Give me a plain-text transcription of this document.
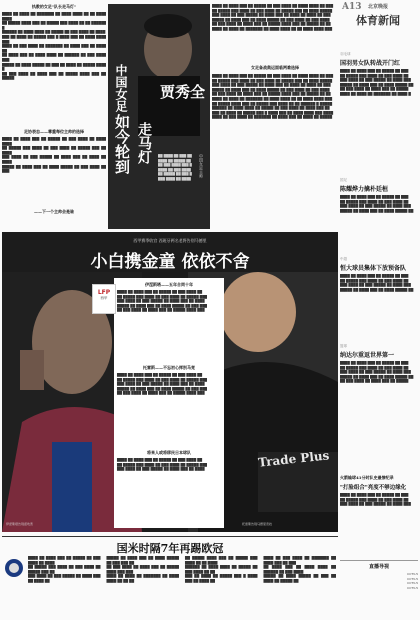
A13 北京晚报
体育新闻
执教的女足"队长走马灯"
████ ██ ████ ██ ███████ ██ ████ ████ ██ ██ ████ ████
██ █████ ████ ███ ██ █████ ███ ████ ██ ██ ██████ █
██████ ██ ████ ████ ██ █████ ██ ███ ████ ██ ████
███ ██ ████ ██ █████ ███ █ ████ ███ ██ ████ ████ ███
████ ██ ███ ████ ██ ███████ ██ ████ ███ ██ ████ ██
██ ████ ███ ██ ████ ████ ██ ██████ ██ ███ ████ ███
█████ ██ ████ █████ ██ ███ ██ ████ ██ █████ ████ █
██ ███ ████ ██ ████ ███ ██ █████ ████ ███ ██ █████
足协表态——尊重每位主帅的选择
████ ██ ████ ███ ██ █████ ██ ███ ████ ██ ████ ████
██ █████ ███ ████ ██ ███ ████ ██ █████ ███ ██ ████
███ ████ ██ ███ █████ ██ ████ ███ ██ ████ ██ ████
█████ ██ ████ ███ ██ ████ █████ ██ ███ ████ ██ ███
——下一个主帅会是谁
贾秀全
如今轮到 走马灯
中国女足
中国女足主帅
██ ████ ██ ███ ██
████ ██ █████ ██
██ ███ ████ ███ █
████ ██ ███ ████
██ █████ ██ ███ █
███ ████ ██ ████
████ ██ ████ ███ ██ █████ ██ ███ ████ ██ ████ ████ ██ ███
██ █████ ███ ████ ██ ███ ████ ██ █████ ███ ██ ████ █████
███ ████ ██ ███ █████ ██ ████ ███ ██ ████ ██ ████ ██ ███
█████ ██ ████ ███ ██ ████ █████ ██ ███ ████ ██ ███ ████
██ ███ ████ ██ ████ ███ ██ █████ ████ ███ ██ █████ ██ ██
████ ██ ████ ██ ███████ ██ ████ ████ ██ ██ ████ ████ ███
女足备战奥运面临两难选择
████ ██ ████ ███ ██ █████ ██ ███ ████ ██ ████ ████ ██ ███
██ █████ ███ ████ ██ ███ ████ ██ █████ ███ ██ ████ █████
███ ████ ██ ███ █████ ██ ████ ███ ██ ████ ██ ████ ██ ███
█████ ██ ████ ███ ██ ████ █████ ██ ███ ████ ██ ███ ████
██ ███ ████ ██ ████ ███ ██ █████ ████ ███ ██ █████ ██ ██
████ ██ ████ ██ ███████ ██ ████ ████ ██ ██ ████ ████ ███
██ █████ ████ ███ ██ █████ ███ ████ ██ ██ ██████ █ █████
██████ ██ ████ ████ ██ █████ ██ ███ ████ ██ ████ ███ ██
███ ██ ████ ██ █████ ███ █ ████ ███ ██ ████ ████ ███ ████
████ ██ ███ ████ ██ ███████ ██ ████ ███ ██ ████ ██ █████
羽毛球
国羽男女队转战开门红
████ ██ ████ ███ ██ █████ ██ ███
██ █████ ███ ████ ██ ███ ████ ██
███ ████ ██ ███ █████ ██ ████ ███
█████ ██ ████ ███ ██ ████ █████ ██
██ ███ ████ ██ ████ ███ ██ █████
████ ██ ████ ██ ███████ ██ ████ █
国足
陈耀烨力擒朴廷桓
████ ██ ████ ███ ██ █████ ██ ███
██ █████ ███ ████ ██ ███ ████ ██
███ ████ ██ ███ █████ ██ ████ ███
█████ ██ ████ ███ ██ ████ █████ ██
中超
恒大球员集体下放预备队
████ ██ ████ ███ ██ █████ ██ ███
██ █████ ███ ████ ██ ███ ████ ██
███ ████ ██ ███ █████ ██ ████ ███
█████ ██ ████ ███ ██ ████ █████ ██
篮球
纳达尔重返世界第一
████ ██ ████ ███ ██ █████ ██ ███
██ █████ ███ ████ ██ ███ ████ ██
███ ████ ██ ███ █████ ██ ████ ███
█████ ██ ████ ███ ██ ████ █████ ██
██ ███ ████ ██ ████ ███ ██ █████
火箭输球41分时队史最惨纪录
"打脸组合"亮度不够边缘化
████ ██ ████ ███ ██ █████ ██ ███
██ █████ ███ ████ ██ ███ ████ ██
███ ████ ██ ███ █████ ██ ████ ███
直播导视
CCTV-5
CCTV-5
CCTV-5
CCTV-5
西甲赛季收官 西班牙两名老将告别马德里
小白携金童 依依不舍
Trade Plus
LFP
西甲
伊涅斯塔——五年合同十年
████ ██ ████ ███ ██ █████ ██ ███ ████ ██
██ █████ ███ ████ ██ ███ ████ ██ █████ ███
███ ████ ██ ███ █████ ██ ████ ███ ██ ████
█████ ██ ████ ███ ██ ████ █████ ██ ███ ███
██ ███ ████ ██ ████ ███ ██ █████ ████ ███
托雷斯——不忘初心挥别马竞
████ ██ ████ ███ ██ █████ ██ ███ ████ ██
██ █████ ███ ████ ██ ███ ████ ██ █████ ███
███ ████ ██ ███ █████ ██ ████ ███ ██ ████
█████ ██ ████ ███ ██ ████ █████ ██ ███ ███
██ ███ ████ ██ ████ ███ ██ █████ ████ ███
将来人或将移民日本球队
████ ██ ████ ███ ██ █████ ██ ███ ████ ██
██ █████ ███ ████ ██ ███ ████ ██ █████ ███
███ ████ ██ ███ █████ ██ ████ ███ ██ ████
伊涅斯塔告别诺坎普	托雷斯告别马德里竞技
国米时隔7年再踢欧冠
████ ██ ████ ███ ██ █████ ██ ███ ████ ██ ████
██ █████ ███ ████ ██ ███ ████ ██ █████ ███ ██
███ ████ ██ ███ █████ ██ ████ ███ ██ ████ ██
█████ ██ ████ ███ ██ ████ █████ ██ ███ ███ ██
██ ███ ████ ██ ████ ███ ██ █████ ████ ███ ███
████ ██ ████ ██ ███████ ██ ████ ████ ██ ██ ██
██ █████ ████ ███ ██ █████ ███ ████ ██ ██ ████
██████ ██ ████ ████ ██ █████ ██ ███ ████ ██ ██
███ ██ ████ ██ █████ ███ █ ████ ███ ██ ████ ██
████ ██ ███ ████ ██ ███████ ██ ████ ███ ██ ███
██ ████ ███ ██ ████ ████ ██ ██████ ██ ███ ████
█████ ██ ████ █████ ██ ███ ██ ████ ██ █████ ██
